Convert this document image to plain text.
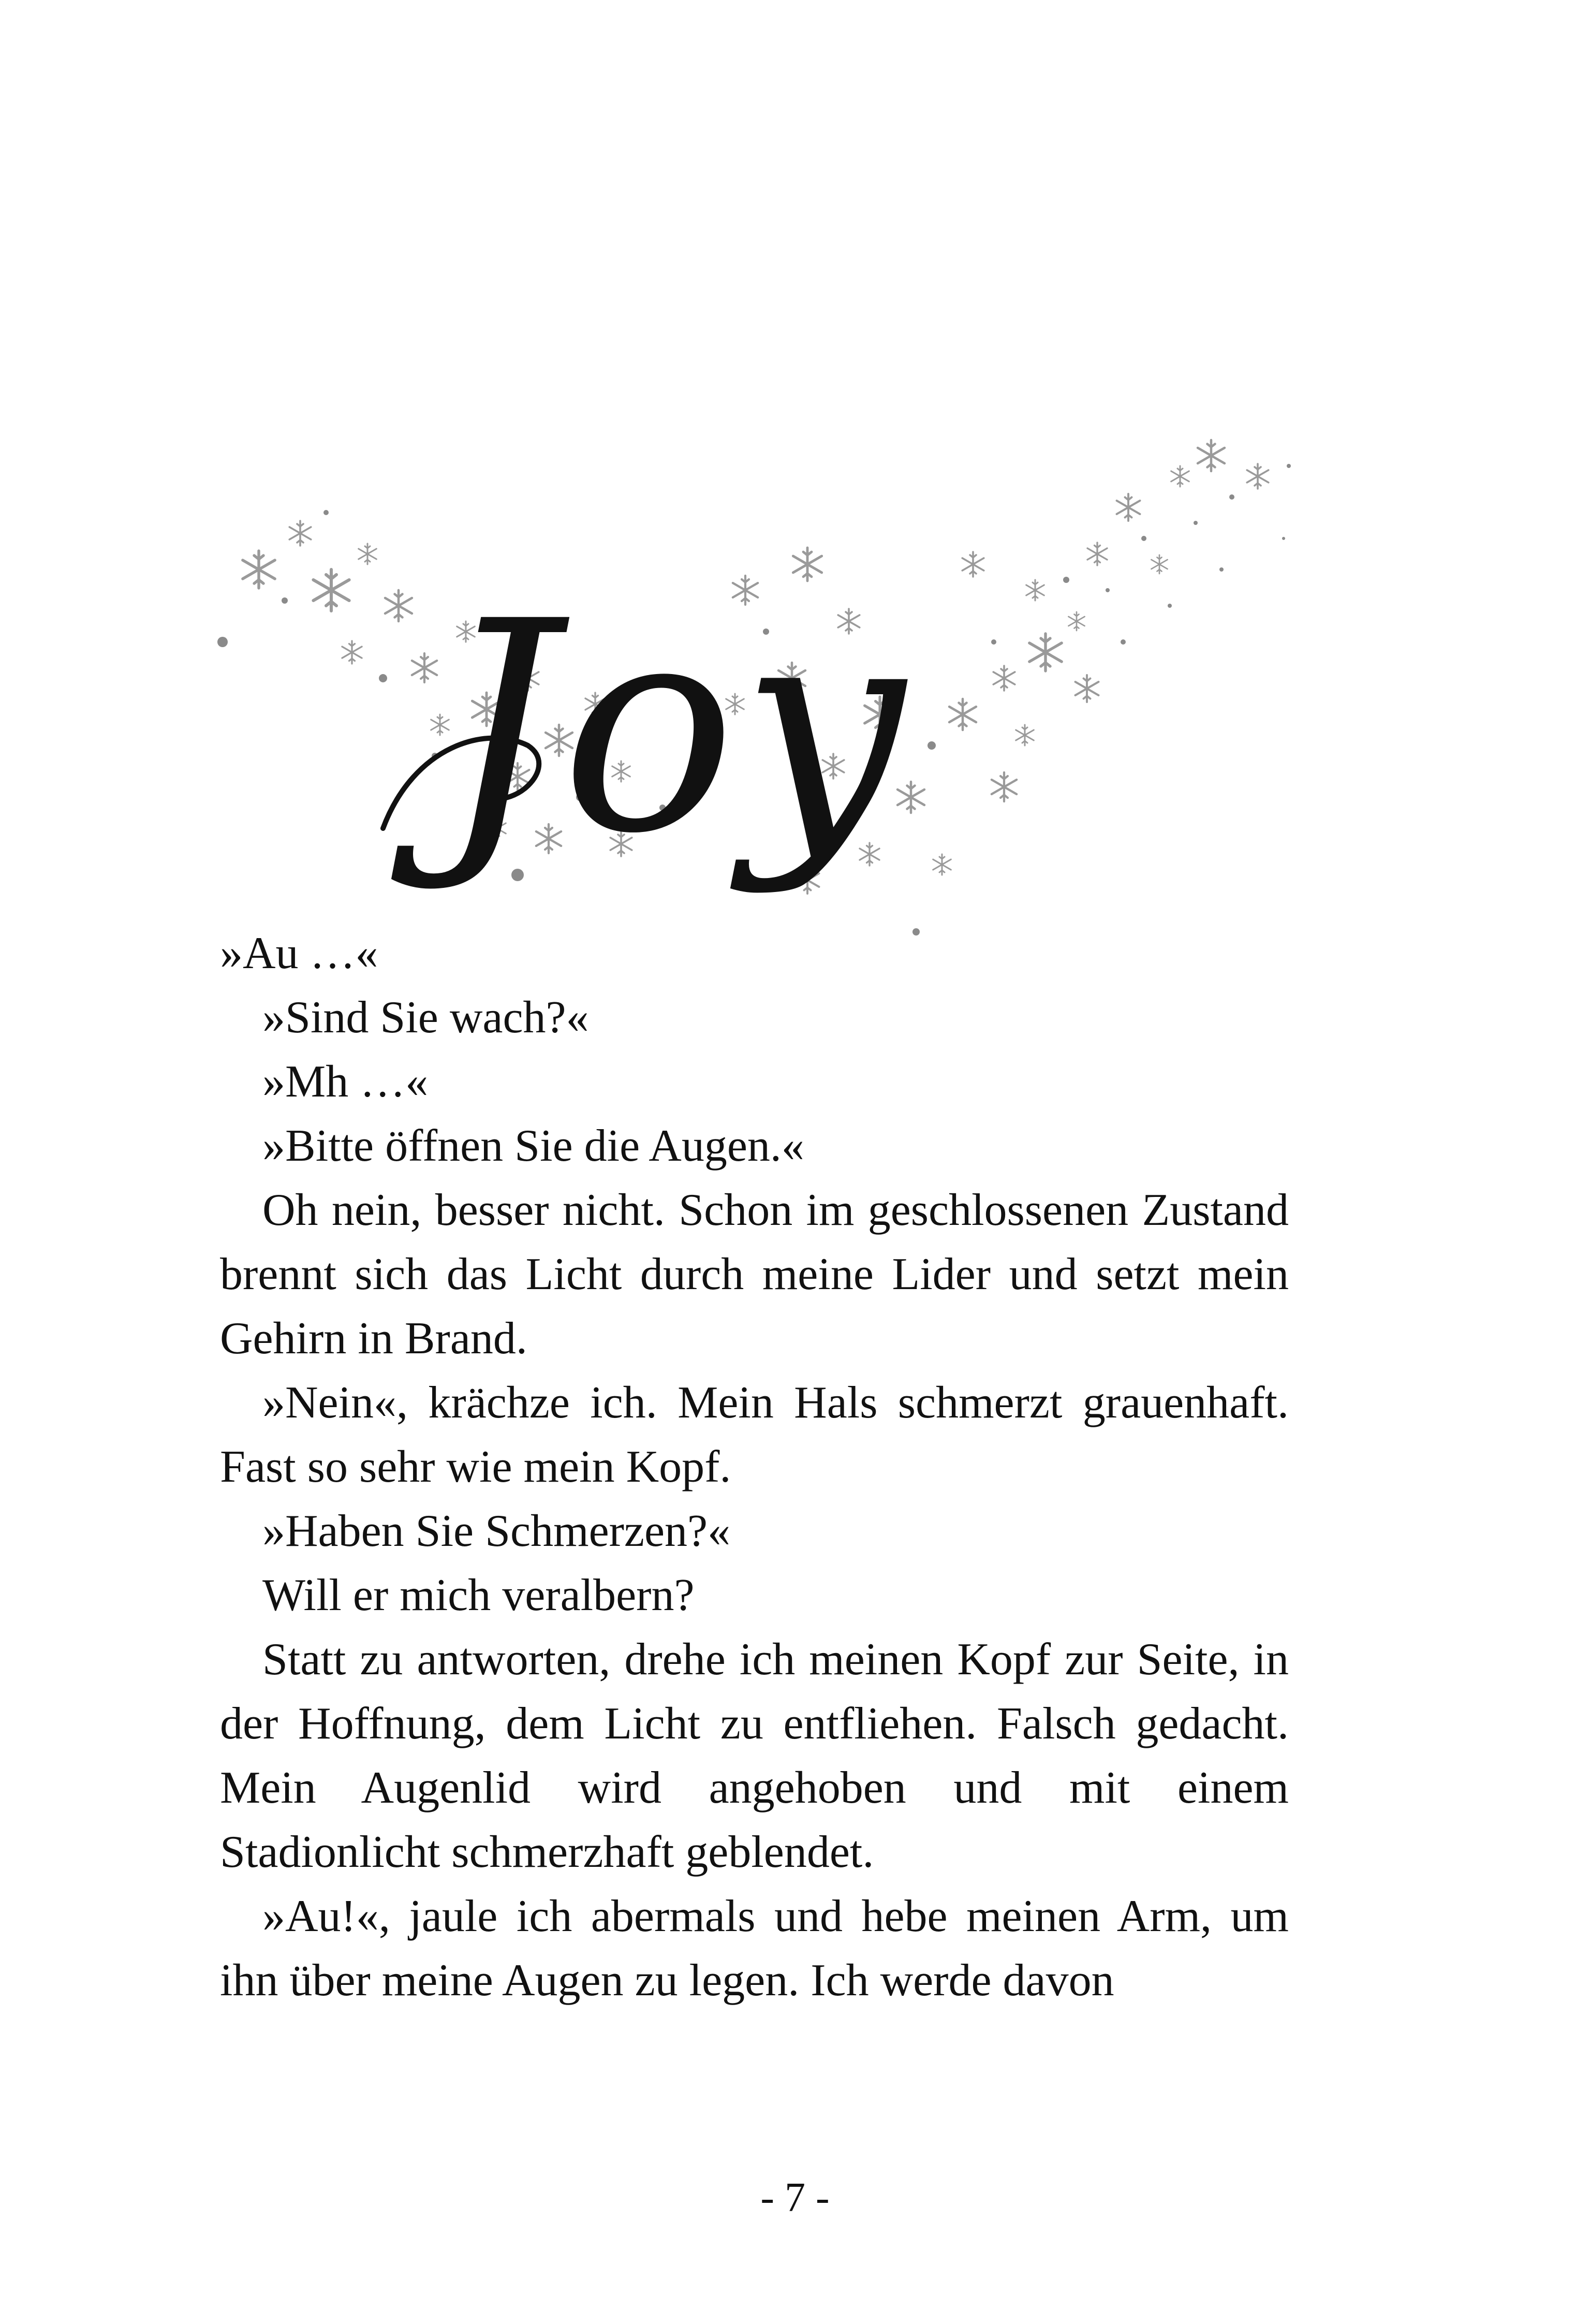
Joy

»Au …«

»Sind Sie wach?«

»Mh …«

»Bitte öffnen Sie die Augen.«

Oh nein, besser nicht. Schon im geschlossenen Zustand brennt sich das Licht durch meine Lider und setzt mein Gehirn in Brand.

»Nein«, krächze ich. Mein Hals schmerzt grauenhaft. Fast so sehr wie mein Kopf.

»Haben Sie Schmerzen?«

Will er mich veralbern?

Statt zu antworten, drehe ich meinen Kopf zur Seite, in der Hoffnung, dem Licht zu entfliehen. Falsch gedacht. Mein Augenlid wird angehoben und mit einem Stadionlicht schmerzhaft geblendet.

»Au!«, jaule ich abermals und hebe meinen Arm, um ihn über meine Augen zu legen. Ich werde davon

- 7 -
